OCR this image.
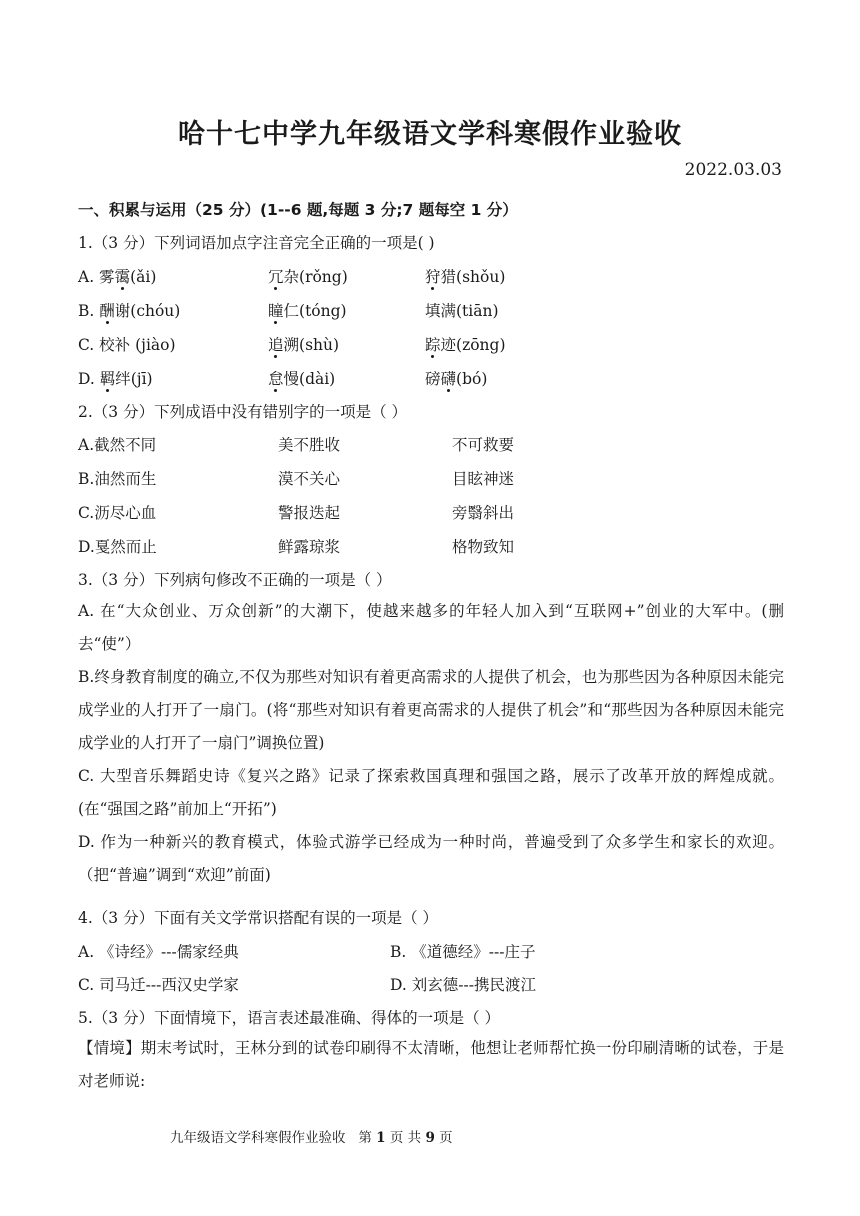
哈十七中学九年级语文学科寒假作业验收
2022.03.03
一、积累与运用（25 分）(1--6 题,每题 3 分;7 题每空 1 分）
1.（3 分）下列词语加点字注音完全正确的一项是( )
A. 雾霭(ǎi)	冗杂(rǒng)	狩猎(shǒu)
B. 酬谢(chóu)	瞳仁(tóng)	填满(tiān)
C. 校补 (jiào)	追溯(shù)	踪迹(zōng)
D. 羁绊(jī)	怠慢(dài)	磅礴(bó)
2.（3 分）下列成语中没有错别字的一项是（ ）
A.截然不同	美不胜收	不可救要
B.油然而生	漠不关心	目眩神迷
C.沥尽心血	警报迭起	旁翳斜出
D.戛然而止	鲜露琼浆	格物致知
3.（3 分）下列病句修改不正确的一项是（ ）
A. 在“大众创业、万众创新”的大潮下，使越来越多的年轻人加入到“互联网+”创业的大军中。(删去“使”）
B.终身教育制度的确立,不仅为那些对知识有着更高需求的人提供了机会，也为那些因为各种原因未能完成学业的人打开了一扇门。(将“那些对知识有着更高需求的人提供了机会”和“那些因为各种原因未能完成学业的人打开了一扇门”调换位置)
C. 大型音乐舞蹈史诗《复兴之路》记录了探索救国真理和强国之路，展示了改革开放的辉煌成就。(在“强国之路”前加上“开拓”)
D. 作为一种新兴的教育模式，体验式游学已经成为一种时尚，普遍受到了众多学生和家长的欢迎。（把“普遍”调到“欢迎”前面)
4.（3 分）下面有关文学常识搭配有误的一项是（ ）
A. 《诗经》---儒家经典	B. 《道德经》---庄子
C. 司马迁---西汉史学家	D. 刘玄德---携民渡江
5.（3 分）下面情境下，语言表述最准确、得体的一项是（ ）
【情境】期末考试时，王林分到的试卷印刷得不太清晰，他想让老师帮忙换一份印刷清晰的试卷，于是对老师说:
九年级语文学科寒假作业验收 第 1 页 共 9 页
